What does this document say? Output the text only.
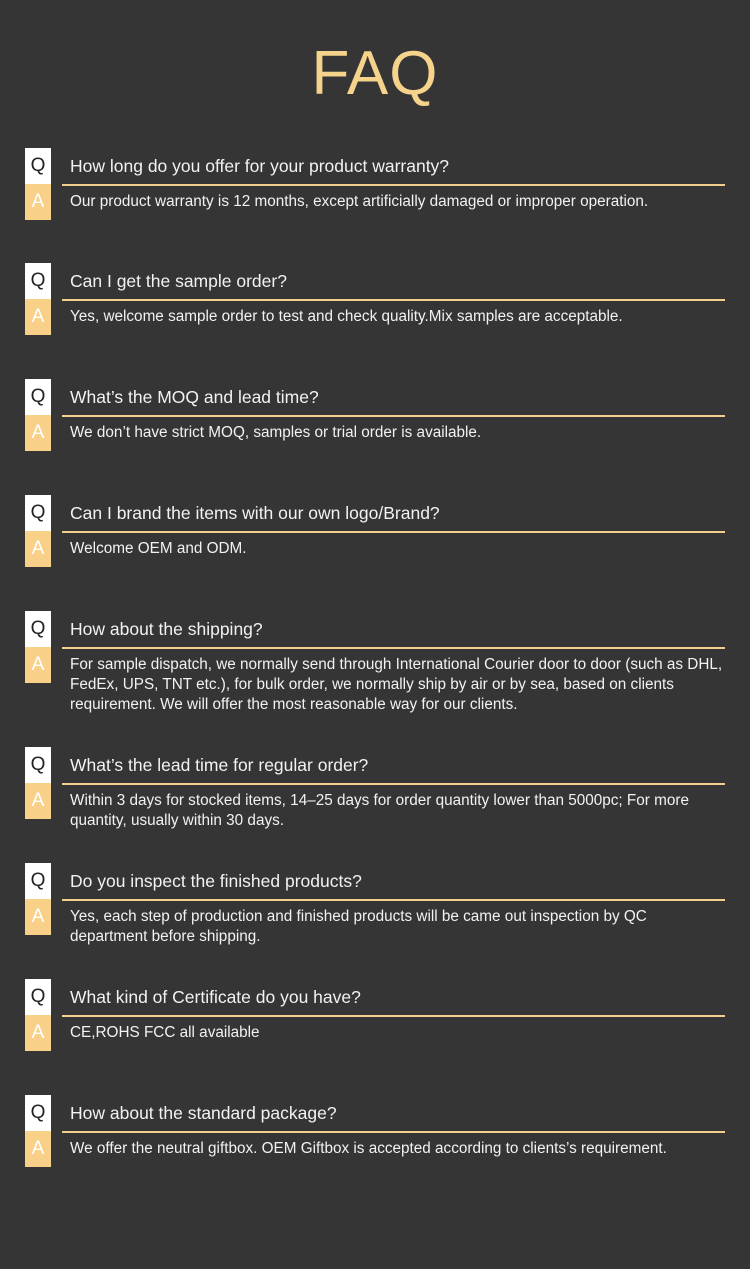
FAQ
Q
A
How long do you offer for your product warranty?
Our product warranty is 12 months, except artificially damaged or improper operation.
Q
A
Can I get the sample order?
Yes, welcome sample order to test and check quality.Mix samples are acceptable.
Q
A
What’s the MOQ and lead time?
We don’t have strict MOQ, samples or trial order is available.
Q
A
Can I brand the items with our own logo/Brand?
Welcome OEM and ODM.
Q
A
How about the shipping?
For sample dispatch, we normally send through International Courier door to door (such as DHL, FedEx, UPS, TNT etc.), for bulk order, we normally ship by air or by sea, based on clients requirement. We will offer the most reasonable way for our clients.
Q
A
What’s the lead time for regular order?
Within 3 days for stocked items, 14–25 days for order quantity lower than 5000pc; For more quantity, usually within 30 days.
Q
A
Do you inspect the finished products?
Yes, each step of production and finished products will be came out inspection by QC department before shipping.
Q
A
What kind of Certificate do you have?
CE,ROHS FCC all available
Q
A
How about the standard package?
We offer the neutral giftbox. OEM Giftbox is accepted according to clients’s requirement.
